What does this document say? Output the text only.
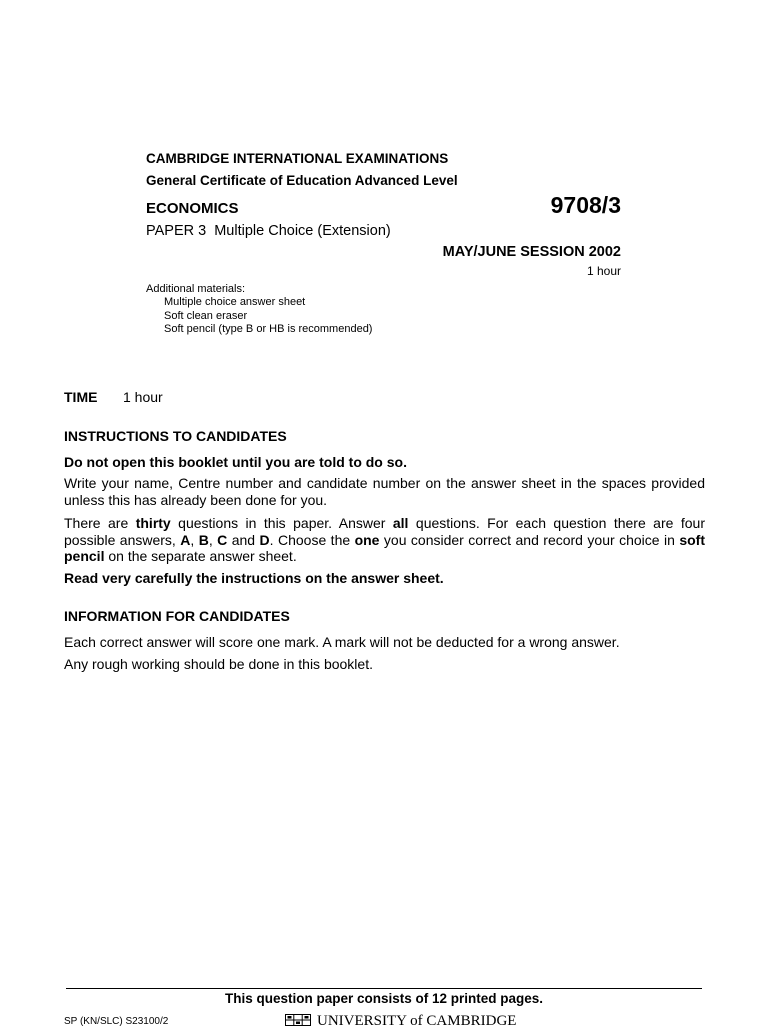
CAMBRIDGE INTERNATIONAL EXAMINATIONS
General Certificate of Education Advanced Level
ECONOMICS	9708/3
PAPER 3  Multiple Choice (Extension)
MAY/JUNE SESSION 2002
1 hour
Additional materials:
Multiple choice answer sheet
Soft clean eraser
Soft pencil (type B or HB is recommended)
TIME 1 hour
INSTRUCTIONS TO CANDIDATES
Do not open this booklet until you are told to do so.
Write your name, Centre number and candidate number on the answer sheet in the spaces provided unless this has already been done for you.
There are thirty questions in this paper. Answer all questions. For each question there are four possible answers, A, B, C and D. Choose the one you consider correct and record your choice in soft pencil on the separate answer sheet.
Read very carefully the instructions on the answer sheet.
INFORMATION FOR CANDIDATES
Each correct answer will score one mark. A mark will not be deducted for a wrong answer.
Any rough working should be done in this booklet.
This question paper consists of 12 printed pages.
SP (KN/SLC) S23100/2	UNIVERSITY of CAMBRIDGE
